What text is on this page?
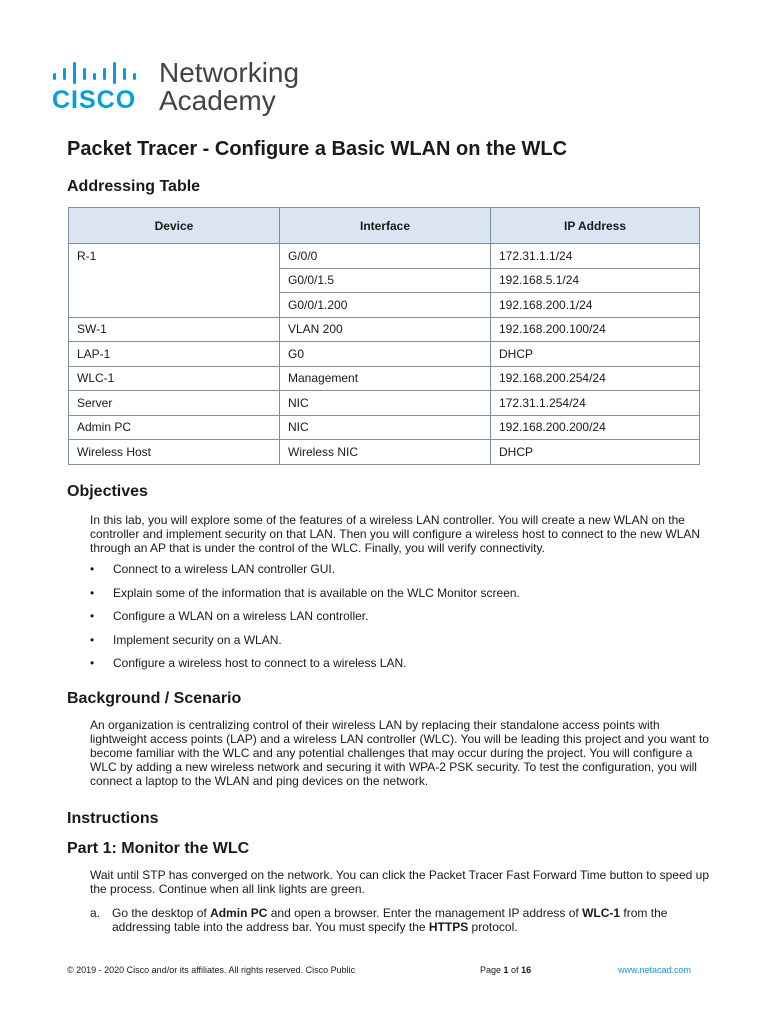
CISCO
Networking
Academy
Packet Tracer - Configure a Basic WLAN on the WLC
Addressing Table
Device	Interface	IP Address
R-1	G/0/0	172.31.1.1/24
	G0/0/1.5	192.168.5.1/24
	G0/0/1.200	192.168.200.1/24
SW-1	VLAN 200	192.168.200.100/24
LAP-1	G0	DHCP
WLC-1	Management	192.168.200.254/24
Server	NIC	172.31.1.254/24
Admin PC	NIC	192.168.200.200/24
Wireless Host	Wireless NIC	DHCP
Objectives

In this lab, you will explore some of the features of a wireless LAN controller. You will create a new WLAN on the controller and implement security on that LAN. Then you will configure a wireless host to connect to the new WLAN through an AP that is under the control of the WLC. Finally, you will verify connectivity.

• Connect to a wireless LAN controller GUI.
• Explain some of the information that is available on the WLC Monitor screen.
• Configure a WLAN on a wireless LAN controller.
• Implement security on a WLAN.
• Configure a wireless host to connect to a wireless LAN.
Background / Scenario

An organization is centralizing control of their wireless LAN by replacing their standalone access points with lightweight access points (LAP) and a wireless LAN controller (WLC). You will be leading this project and you want to become familiar with the WLC and any potential challenges that may occur during the project. You will configure a WLC by adding a new wireless network and securing it with WPA-2 PSK security. To test the configuration, you will connect a laptop to the WLAN and ping devices on the network.

Instructions
Part 1: Monitor the WLC

Wait until STP has converged on the network. You can click the Packet Tracer Fast Forward Time button to speed up the process. Continue when all link lights are green.

a. Go the desktop of Admin PC and open a browser. Enter the management IP address of WLC-1 from the addressing table into the address bar. You must specify the HTTPS protocol.
© 2019 - 2020 Cisco and/or its affiliates. All rights reserved. Cisco Public	Page 1 of 16	www.netacad.com
